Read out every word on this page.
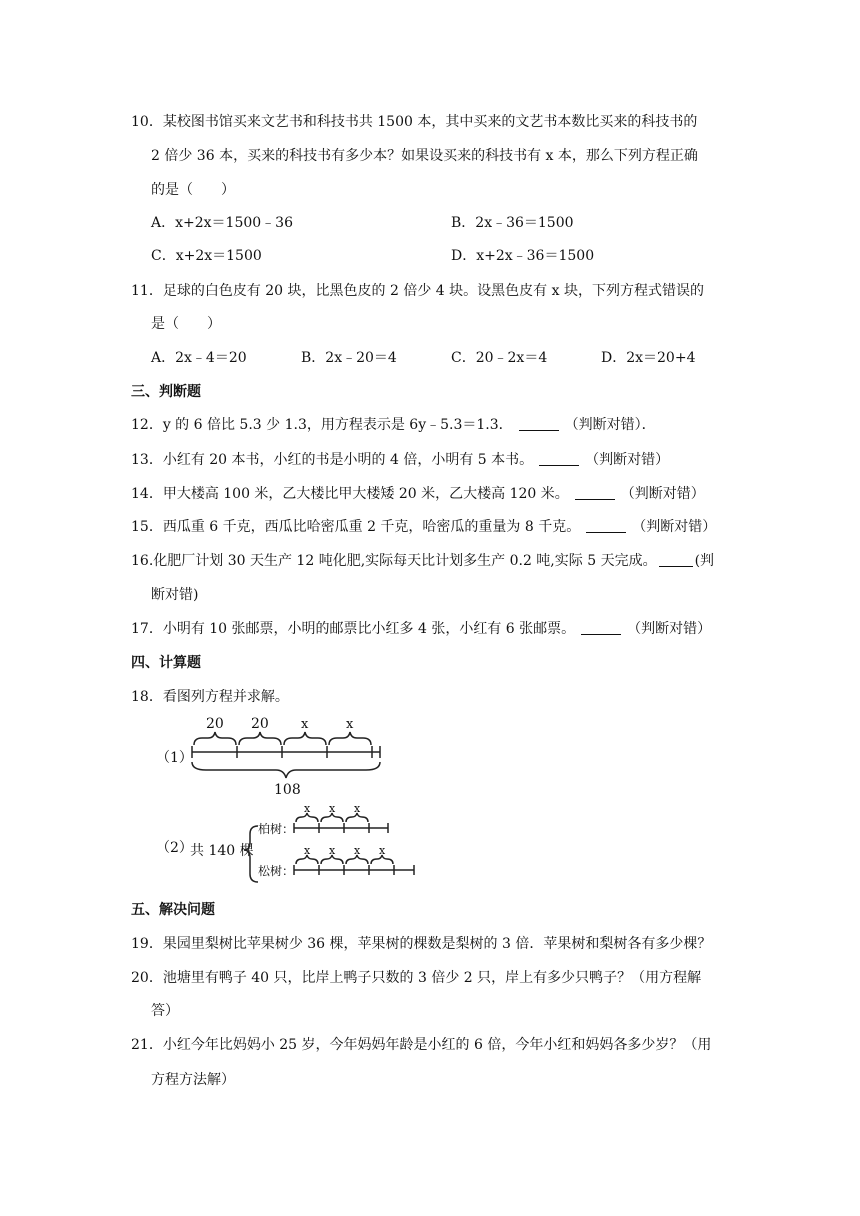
10．某校图书馆买来文艺书和科技书共 1500 本，其中买来的文艺书本数比买来的科技书的
2 倍少 36 本，买来的科技书有多少本？如果设买来的科技书有 x 本，那么下列方程正确
的是（　　）
A．x+2x＝1500﹣36	B．2x﹣36＝1500
C．x+2x＝1500	D．x+2x﹣36＝1500
11．足球的白色皮有 20 块，比黑色皮的 2 倍少 4 块。设黑色皮有 x 块，下列方程式错误的
是（　　）
A．2x﹣4＝20	B．2x﹣20＝4	C．20﹣2x＝4	D．2x＝20+4
三、判断题
12．y 的 6 倍比 5.3 少 1.3，用方程表示是 6y﹣5.3＝1.3．	（判断对错）．
13．小红有 20 本书，小红的书是小明的 4 倍，小明有 5 本书。	（判断对错）
14．甲大楼高 100 米，乙大楼比甲大楼矮 20 米，乙大楼高 120 米。	（判断对错）
15．西瓜重 6 千克，西瓜比哈密瓜重 2 千克，哈密瓜的重量为 8 千克。	（判断对错）
16.化肥厂计划 30 天生产 12 吨化肥,实际每天比计划多生产 0.2 吨,实际 5 天完成。	(判
断对错)
17．小明有 10 张邮票，小明的邮票比小红多 4 张，小红有 6 张邮票。	（判断对错）
四、计算题
18．看图列方程并求解。
（1）
20 20 x	x
108
（2）
共 140 棵
柏树：
松树：
x x x
x x x x
五、解决问题
19．果园里梨树比苹果树少 36 棵，苹果树的棵数是梨树的 3 倍．苹果树和梨树各有多少棵？
20．池塘里有鸭子 40 只，比岸上鸭子只数的 3 倍少 2 只，岸上有多少只鸭子？（用方程解
答）
21．小红今年比妈妈小 25 岁，今年妈妈年龄是小红的 6 倍，今年小红和妈妈各多少岁？（用
方程方法解）
